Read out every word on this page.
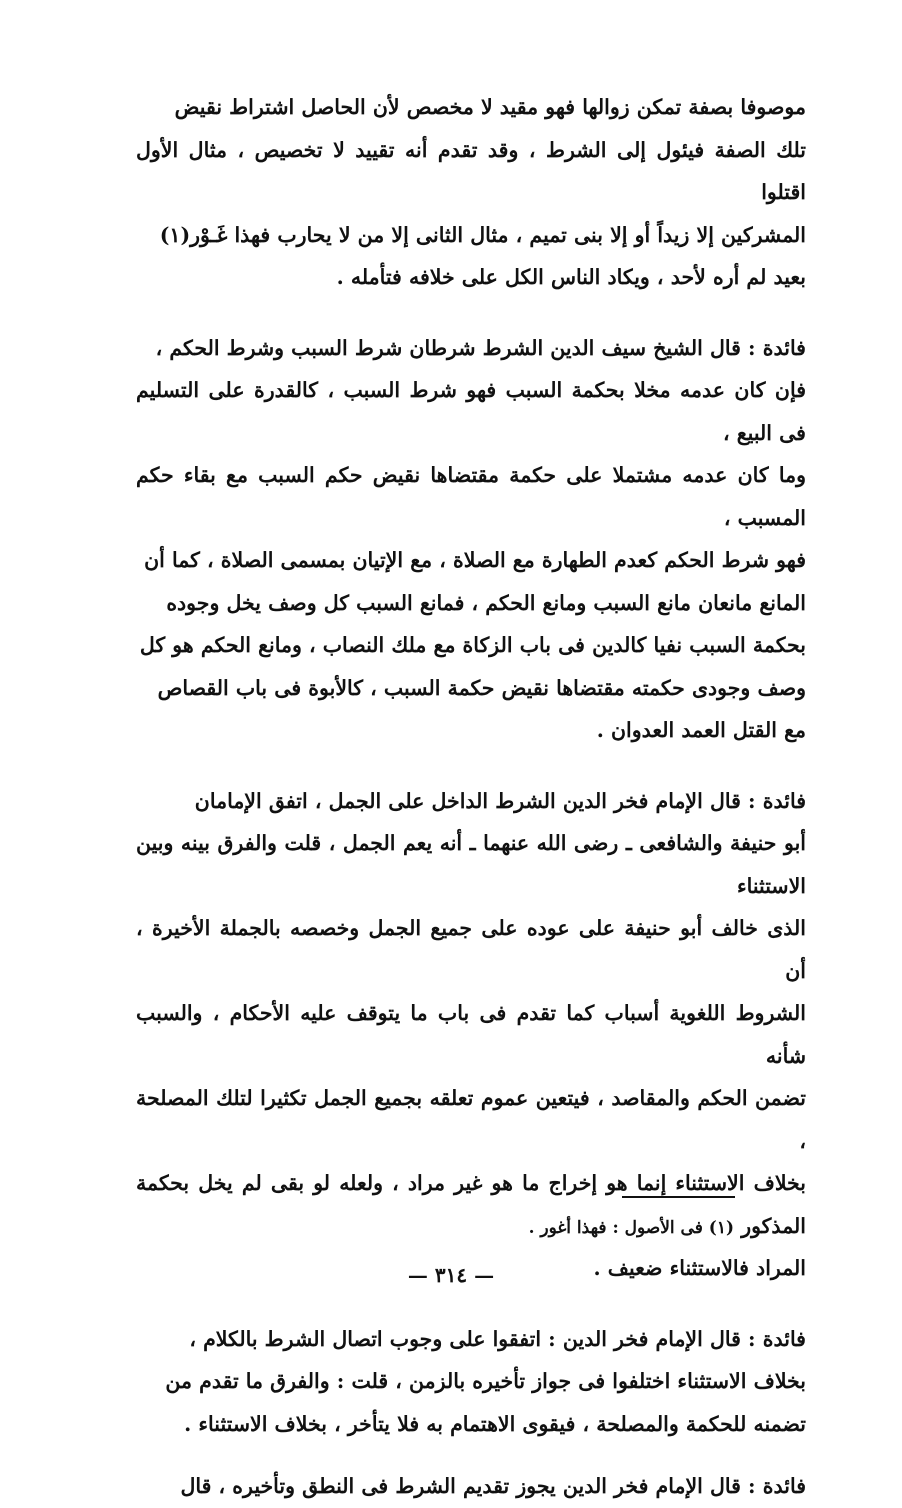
موصوفا بصفة تمكن زوالها فهو مقيد لا مخصص لأن الحاصل اشتراط نقيض

تلك الصفة فيئول إلى الشرط ، وقد تقدم أنه تقييد لا تخصيص ، مثال الأول اقتلوا

المشركين إلا زيداً أو إلا بنى تميم ، مثال الثانى إلا من لا يحارب فهذا غَـوْر(١)

بعيد لم أره لأحد ، ويكاد الناس الكل على خلافه فتأمله .

فائدة : قال الشيخ سيف الدين الشرط شرطان شرط السبب وشرط الحكم ،

فإن كان عدمه مخلا بحكمة السبب فهو شرط السبب ، كالقدرة على التسليم فى البيع ،

وما كان عدمه مشتملا على حكمة مقتضاها نقيض حكم السبب مع بقاء حكم المسبب ،

فهو شرط الحكم كعدم الطهارة مع الصلاة ، مع الإتيان بمسمى الصلاة ، كما أن

المانع مانعان مانع السبب ومانع الحكم ، فمانع السبب كل وصف يخل وجوده

بحكمة السبب نفيا كالدين فى باب الزكاة مع ملك النصاب ، ومانع الحكم هو كل

وصف وجودى حكمته مقتضاها نقيض حكمة السبب ، كالأبوة فى باب القصاص

مع القتل العمد العدوان .

فائدة : قال الإمام فخر الدين الشرط الداخل على الجمل ، اتفق الإمامان

أبو حنيفة والشافعى ـ رضى الله عنهما ـ أنه يعم الجمل ، قلت والفرق بينه وبين الاستثناء

الذى خالف أبو حنيفة على عوده على جميع الجمل وخصصه بالجملة الأخيرة ، أن

الشروط اللغوية أسباب كما تقدم فى باب ما يتوقف عليه الأحكام ، والسبب شأنه

تضمن الحكم والمقاصد ، فيتعين عموم تعلقه بجميع الجمل تكثيرا لتلك المصلحة ،

بخلاف الاستثناء إنما هو إخراج ما هو غير مراد ، ولعله لو بقى لم يخل بحكمة المذكور

المراد فالاستثناء ضعيف .

فائدة : قال الإمام فخر الدين : اتفقوا على وجوب اتصال الشرط بالكلام ،

بخلاف الاستثناء اختلفوا فى جواز تأخيره بالزمن ، قلت : والفرق ما تقدم من

تضمنه للحكمة والمصلحة ، فيقوى الاهتمام به فلا يتأخر ، بخلاف الاستثناء .

فائدة : قال الإمام فخر الدين يجوز تقديم الشرط فى النطق وتأخيره ، قال

(١) فى الأصول : فهذا أغور .
— ٣١٤ —
